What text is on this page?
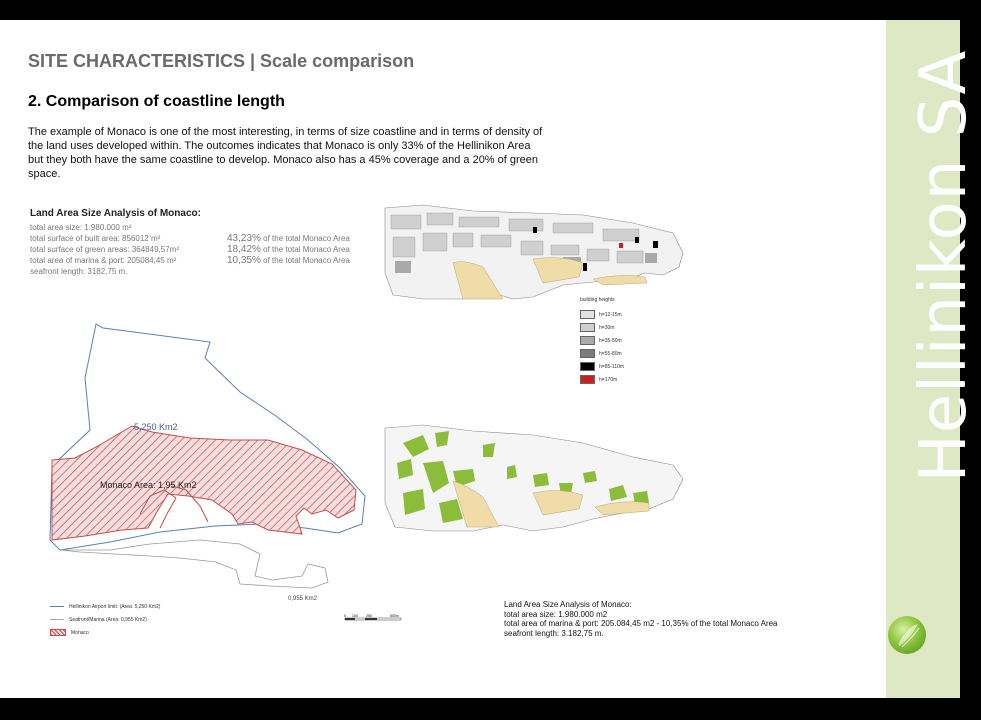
Hellinikon SA
SITE CHARACTERISTICS | Scale comparison
2. Comparison of coastline length

The example of Monaco is one of the most interesting, in terms of size coastline and in terms of density of the land uses developed within. The outcomes indicates that Monaco is only 33% of the Hellinikon Area but they both have the same coastline to develop. Monaco also has a 45% coverage and a 20% of green space.

Land Area Size Analysis of Monaco:
total area size: 1.980.000 m²
total surface of built area: 856012 m²	43,23% of the total Monaco Area
total surface of green areas: 364849,57m²	18,42% of the total Monaco Area
total area of marina & port: 205084,45 m²	10,35% of the total Monaco Area
seafront length: 3182,75 m.
5,250 Km2
Monaco Area: 1,95 Km2
0,955 Km2
building heights
h=12-15m
h=30m
h=35-50m
h=55-80m
h=85-110m
h=170m
Hellinikon Airport limit: (Area: 5,250 Km2)
Seafront/Marina (Area: 0,955 Km2)
Monaco
0 100 250	500m
Land Area Size Analysis of Monaco:
total area size: 1.980.000 m2
total area of marina & port: 205.084,45 m2 - 10,35% of the total Monaco Area
seafront length: 3.182,75 m.
